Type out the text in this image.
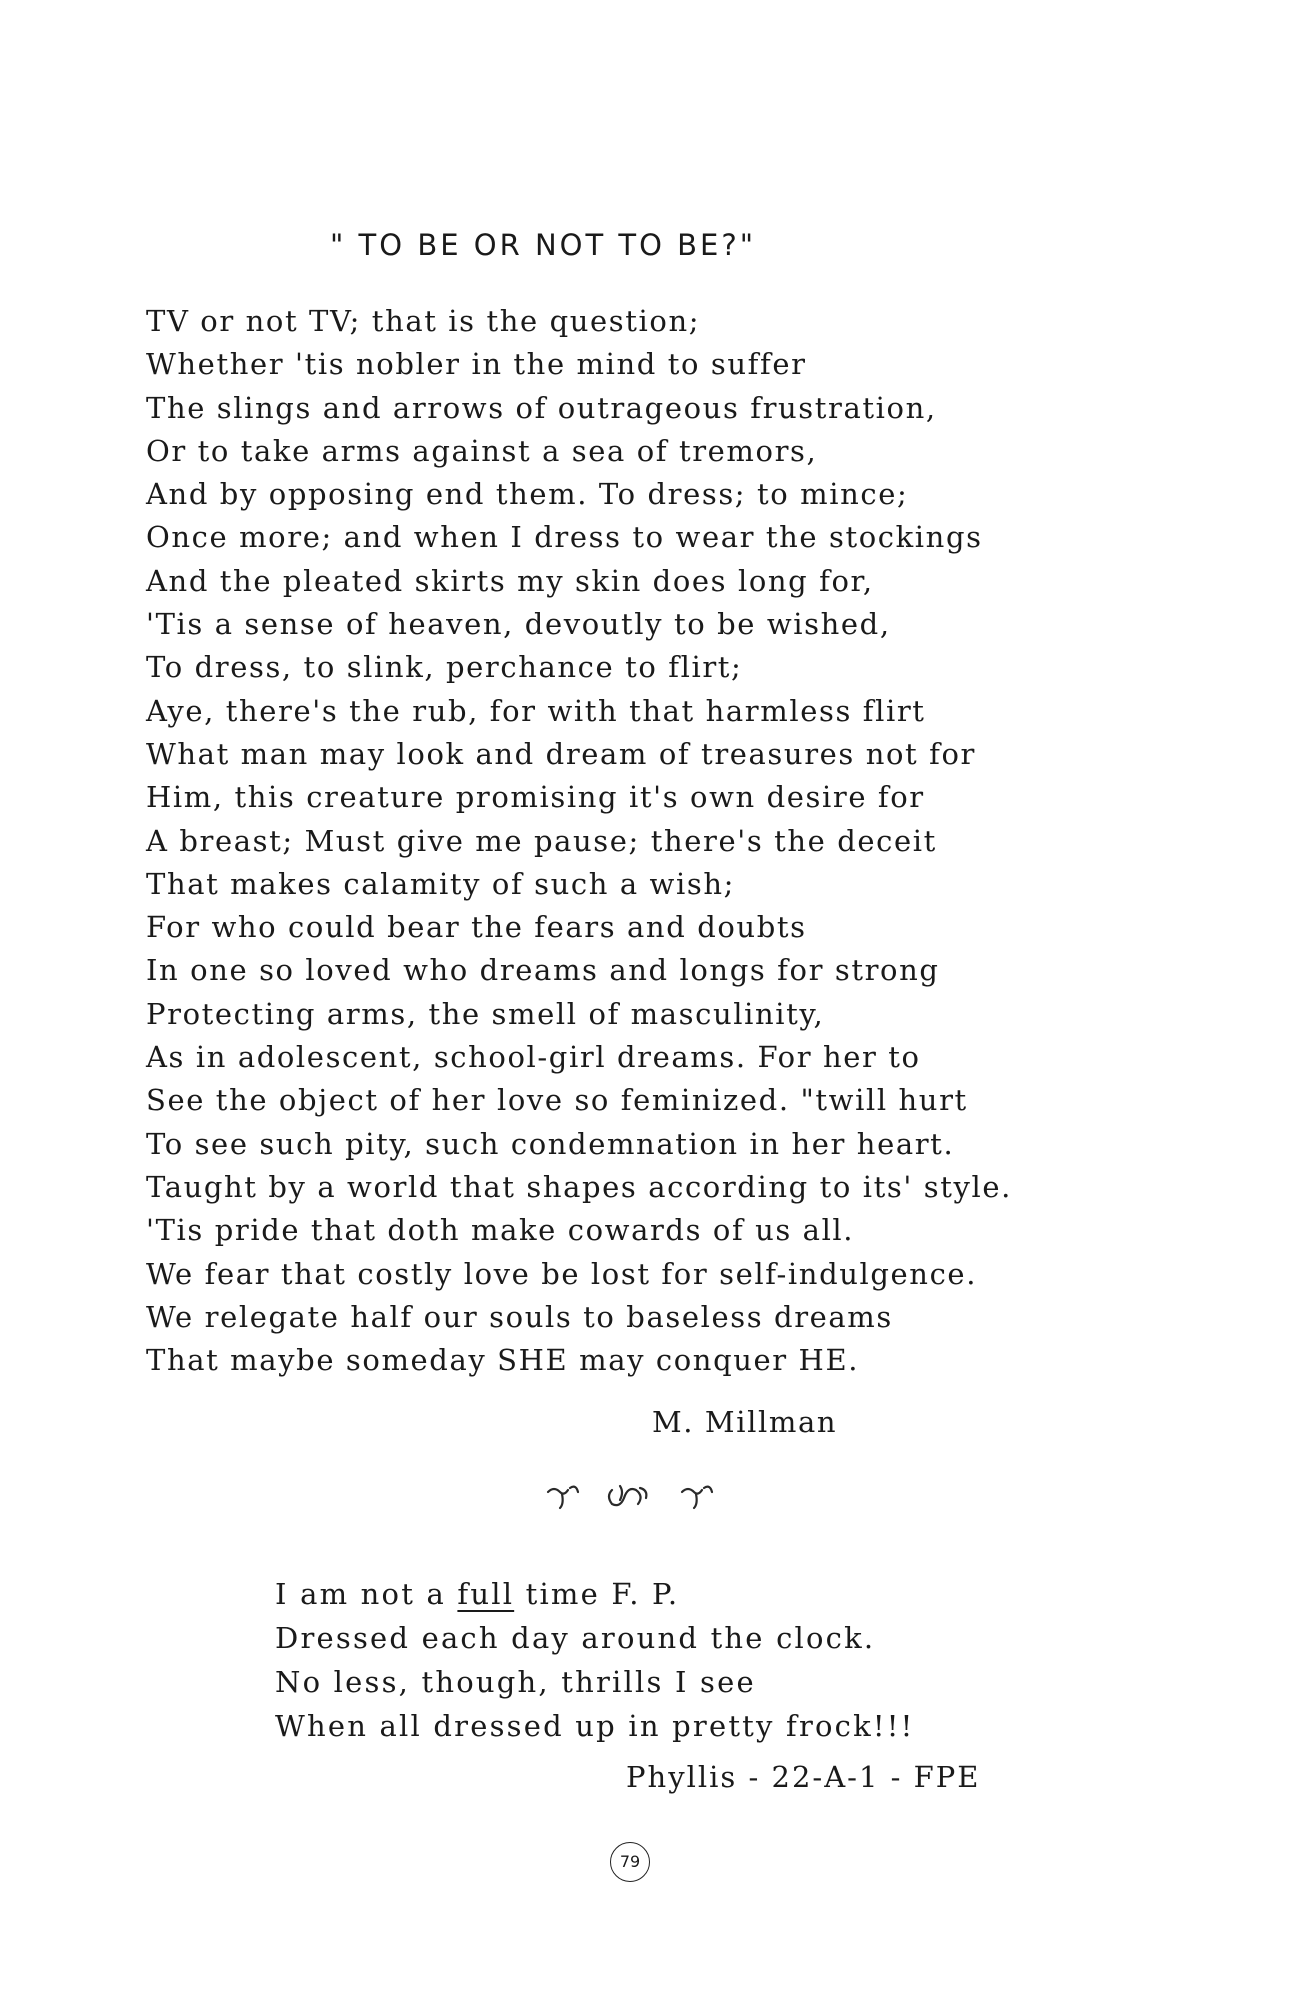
" TO BE OR NOT TO BE?"
TV or not TV; that is the question;
Whether 'tis nobler in the mind to suffer
The slings and arrows of outrageous frustration,
Or to take arms against a sea of tremors,
And by opposing end them. To dress; to mince;
Once more; and when I dress to wear the stockings
And the pleated skirts my skin does long for,
'Tis a sense of heaven, devoutly to be wished,
To dress, to slink, perchance to flirt;
Aye, there's the rub, for with that harmless flirt
What man may look and dream of treasures not for
Him, this creature promising it's own desire for
A breast; Must give me pause; there's the deceit
That makes calamity of such a wish;
For who could bear the fears and doubts
In one so loved who dreams and longs for strong
Protecting arms, the smell of masculinity,
As in adolescent, school-girl dreams. For her to
See the object of her love so feminized. "twill hurt
To see such pity, such condemnation in her heart.
Taught by a world that shapes according to its' style.
'Tis pride that doth make cowards of us all.
We fear that costly love be lost for self-indulgence.
We relegate half our souls to baseless dreams
That maybe someday SHE may conquer HE.
M. Millman
I am not a full time F. P.
Dressed each day around the clock.
No less, though, thrills I see
When all dressed up in pretty frock!!!
Phyllis - 22-A-1 - FPE
79
